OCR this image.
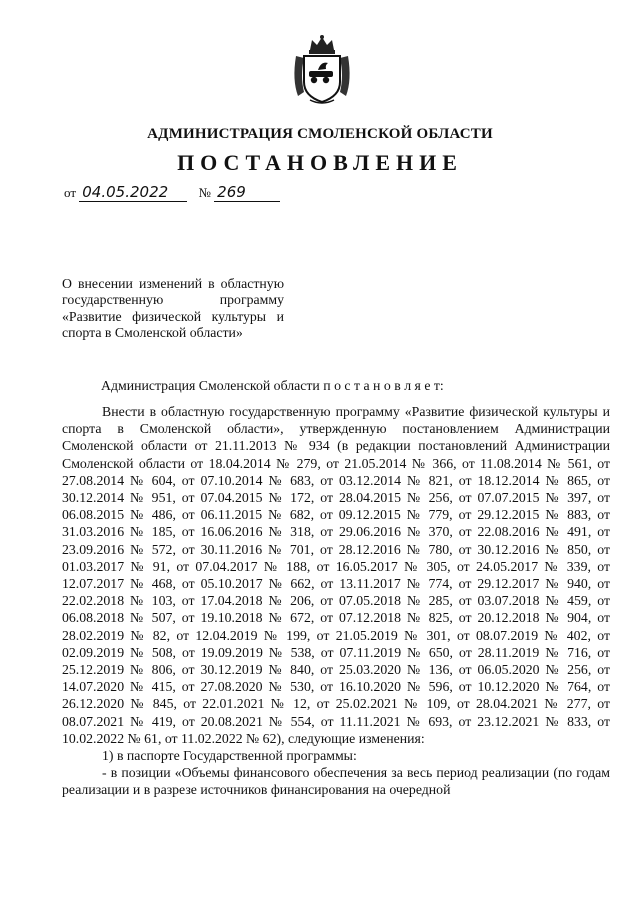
АДМИНИСТРАЦИЯ СМОЛЕНСКОЙ ОБЛАСТИ
ПОСТАНОВЛЕНИЕ
от 04.05.2022 № 269
О внесении изменений в областную государственную программу «Развитие физической культуры и спорта в Смоленской области»
Администрация Смоленской области п о с т а н о в л я е т:

Внести в областную государственную программу «Развитие физической культуры и спорта в Смоленской области», утвержденную постановлением Администрации Смоленской области от 21.11.2013 № 934 (в редакции постановлений Администрации Смоленской области от 18.04.2014 № 279, от 21.05.2014 № 366, от 11.08.2014 № 561, от 27.08.2014 № 604, от 07.10.2014 № 683, от 03.12.2014 № 821, от 18.12.2014 № 865, от 30.12.2014 № 951, от 07.04.2015 № 172, от 28.04.2015 № 256, от 07.07.2015 № 397, от 06.08.2015 № 486, от 06.11.2015 № 682, от 09.12.2015 № 779, от 29.12.2015 № 883, от 31.03.2016 № 185, от 16.06.2016 № 318, от 29.06.2016 № 370, от 22.08.2016 № 491, от 23.09.2016 № 572, от 30.11.2016 № 701, от 28.12.2016 № 780, от 30.12.2016 № 850, от 01.03.2017 № 91, от 07.04.2017 № 188, от 16.05.2017 № 305, от 24.05.2017 № 339, от 12.07.2017 № 468, от 05.10.2017 № 662, от 13.11.2017 № 774, от 29.12.2017 № 940, от 22.02.2018 № 103, от 17.04.2018 № 206, от 07.05.2018 № 285, от 03.07.2018 № 459, от 06.08.2018 № 507, от 19.10.2018 № 672, от 07.12.2018 № 825, от 20.12.2018 № 904, от 28.02.2019 № 82, от 12.04.2019 № 199, от 21.05.2019 № 301, от 08.07.2019 № 402, от 02.09.2019 № 508, от 19.09.2019 № 538, от 07.11.2019 № 650, от 28.11.2019 № 716, от 25.12.2019 № 806, от 30.12.2019 № 840, от 25.03.2020 № 136, от 06.05.2020 № 256, от 14.07.2020 № 415, от 27.08.2020 № 530, от 16.10.2020 № 596, от 10.12.2020 № 764, от 26.12.2020 № 845, от 22.01.2021 № 12, от 25.02.2021 № 109, от 28.04.2021 № 277, от 08.07.2021 № 419, от 20.08.2021 № 554, от 11.11.2021 № 693, от 23.12.2021 № 833, от 10.02.2022 № 61, от 11.02.2022 № 62), следующие изменения:

1) в паспорте Государственной программы:

- в позиции «Объемы финансового обеспечения за весь период реализации (по годам реализации и в разрезе источников финансирования на очередной
